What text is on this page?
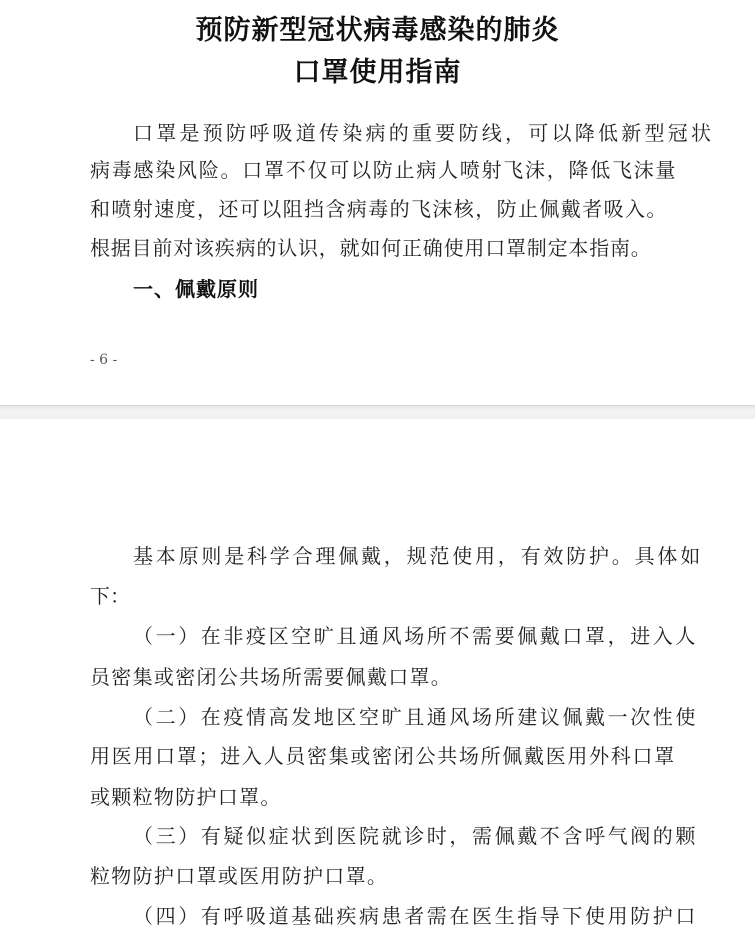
预防新型冠状病毒感染的肺炎
口罩使用指南
口罩是预防呼吸道传染病的重要防线，可以降低新型冠状
病毒感染风险。口罩不仅可以防止病人喷射飞沫，降低飞沫量
和喷射速度，还可以阻挡含病毒的飞沫核，防止佩戴者吸入。
根据目前对该疾病的认识，就如何正确使用口罩制定本指南。
一、佩戴原则
- 6 -
基本原则是科学合理佩戴，规范使用，有效防护。具体如
下：
（一）在非疫区空旷且通风场所不需要佩戴口罩，进入人
员密集或密闭公共场所需要佩戴口罩。
（二）在疫情高发地区空旷且通风场所建议佩戴一次性使
用医用口罩；进入人员密集或密闭公共场所佩戴医用外科口罩
或颗粒物防护口罩。
（三）有疑似症状到医院就诊时，需佩戴不含呼气阀的颗
粒物防护口罩或医用防护口罩。
（四）有呼吸道基础疾病患者需在医生指导下使用防护口
